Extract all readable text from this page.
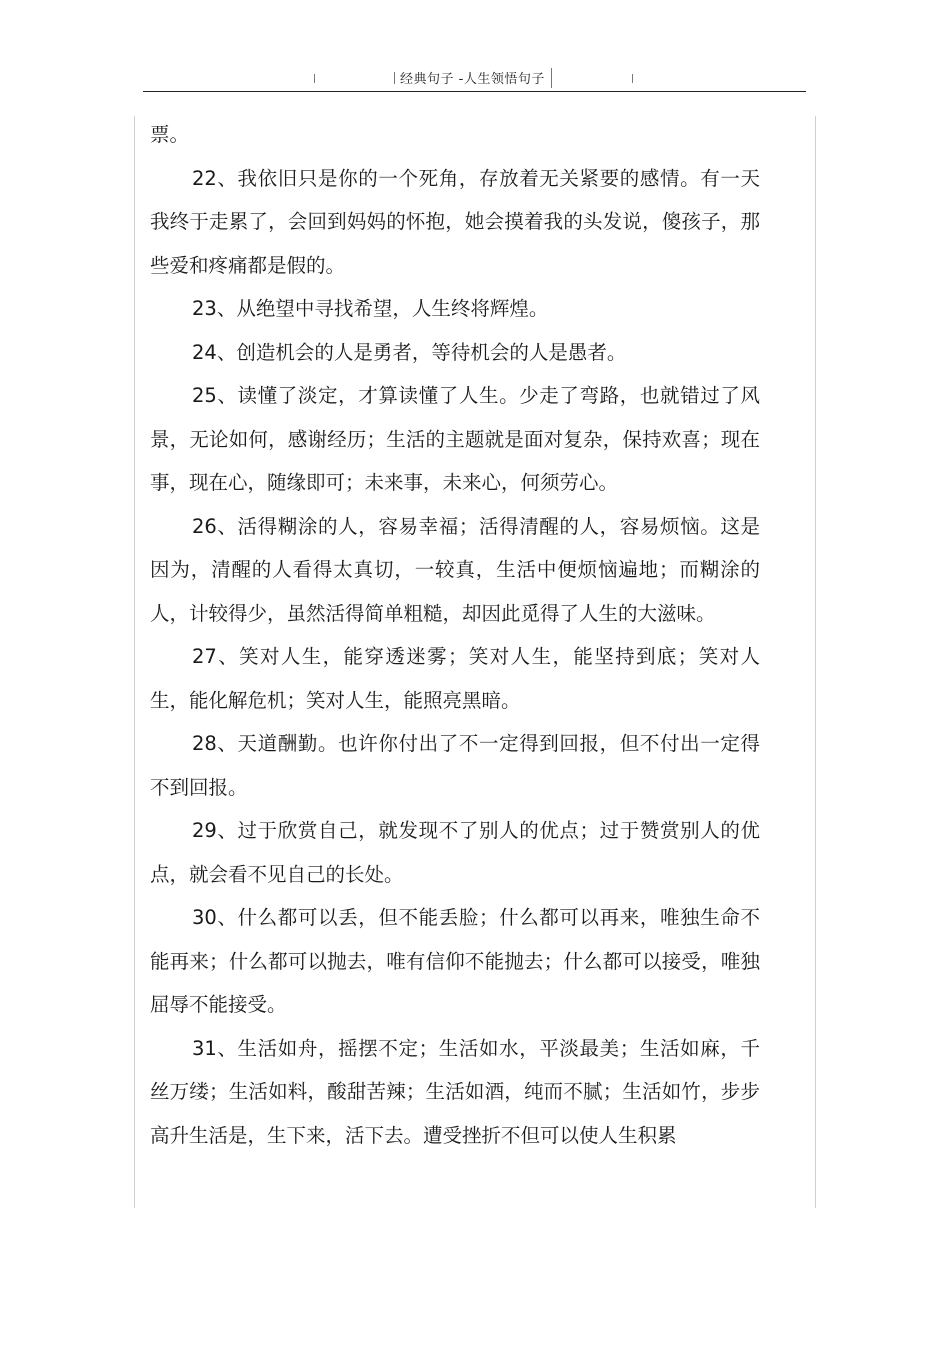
经典句子 -人生领悟句子

票。

22、我依旧只是你的一个死角，存放着无关紧要的感情。有一天我终于走累了，会回到妈妈的怀抱，她会摸着我的头发说，傻孩子，那些爱和疼痛都是假的。

23、从绝望中寻找希望，人生终将辉煌。

24、创造机会的人是勇者，等待机会的人是愚者。

25、读懂了淡定，才算读懂了人生。少走了弯路，也就错过了风景，无论如何，感谢经历；生活的主题就是面对复杂，保持欢喜；现在事，现在心，随缘即可；未来事，未来心，何须劳心。

26、活得糊涂的人，容易幸福；活得清醒的人，容易烦恼。这是因为，清醒的人看得太真切，一较真，生活中便烦恼遍地；而糊涂的人，计较得少，虽然活得简单粗糙，却因此觅得了人生的大滋味。

27、笑对人生，能穿透迷雾；笑对人生，能坚持到底；笑对人生，能化解危机；笑对人生，能照亮黑暗。

28、天道酬勤。也许你付出了不一定得到回报，但不付出一定得不到回报。

29、过于欣赏自己，就发现不了别人的优点；过于赞赏别人的优点，就会看不见自己的长处。

30、什么都可以丢，但不能丢脸；什么都可以再来，唯独生命不能再来；什么都可以抛去，唯有信仰不能抛去；什么都可以接受，唯独屈辱不能接受。

31、生活如舟，摇摆不定；生活如水，平淡最美；生活如麻，千丝万缕；生活如料，酸甜苦辣；生活如酒，纯而不腻；生活如竹，步步高升生活是，生下来，活下去。遭受挫折不但可以使人生积累
